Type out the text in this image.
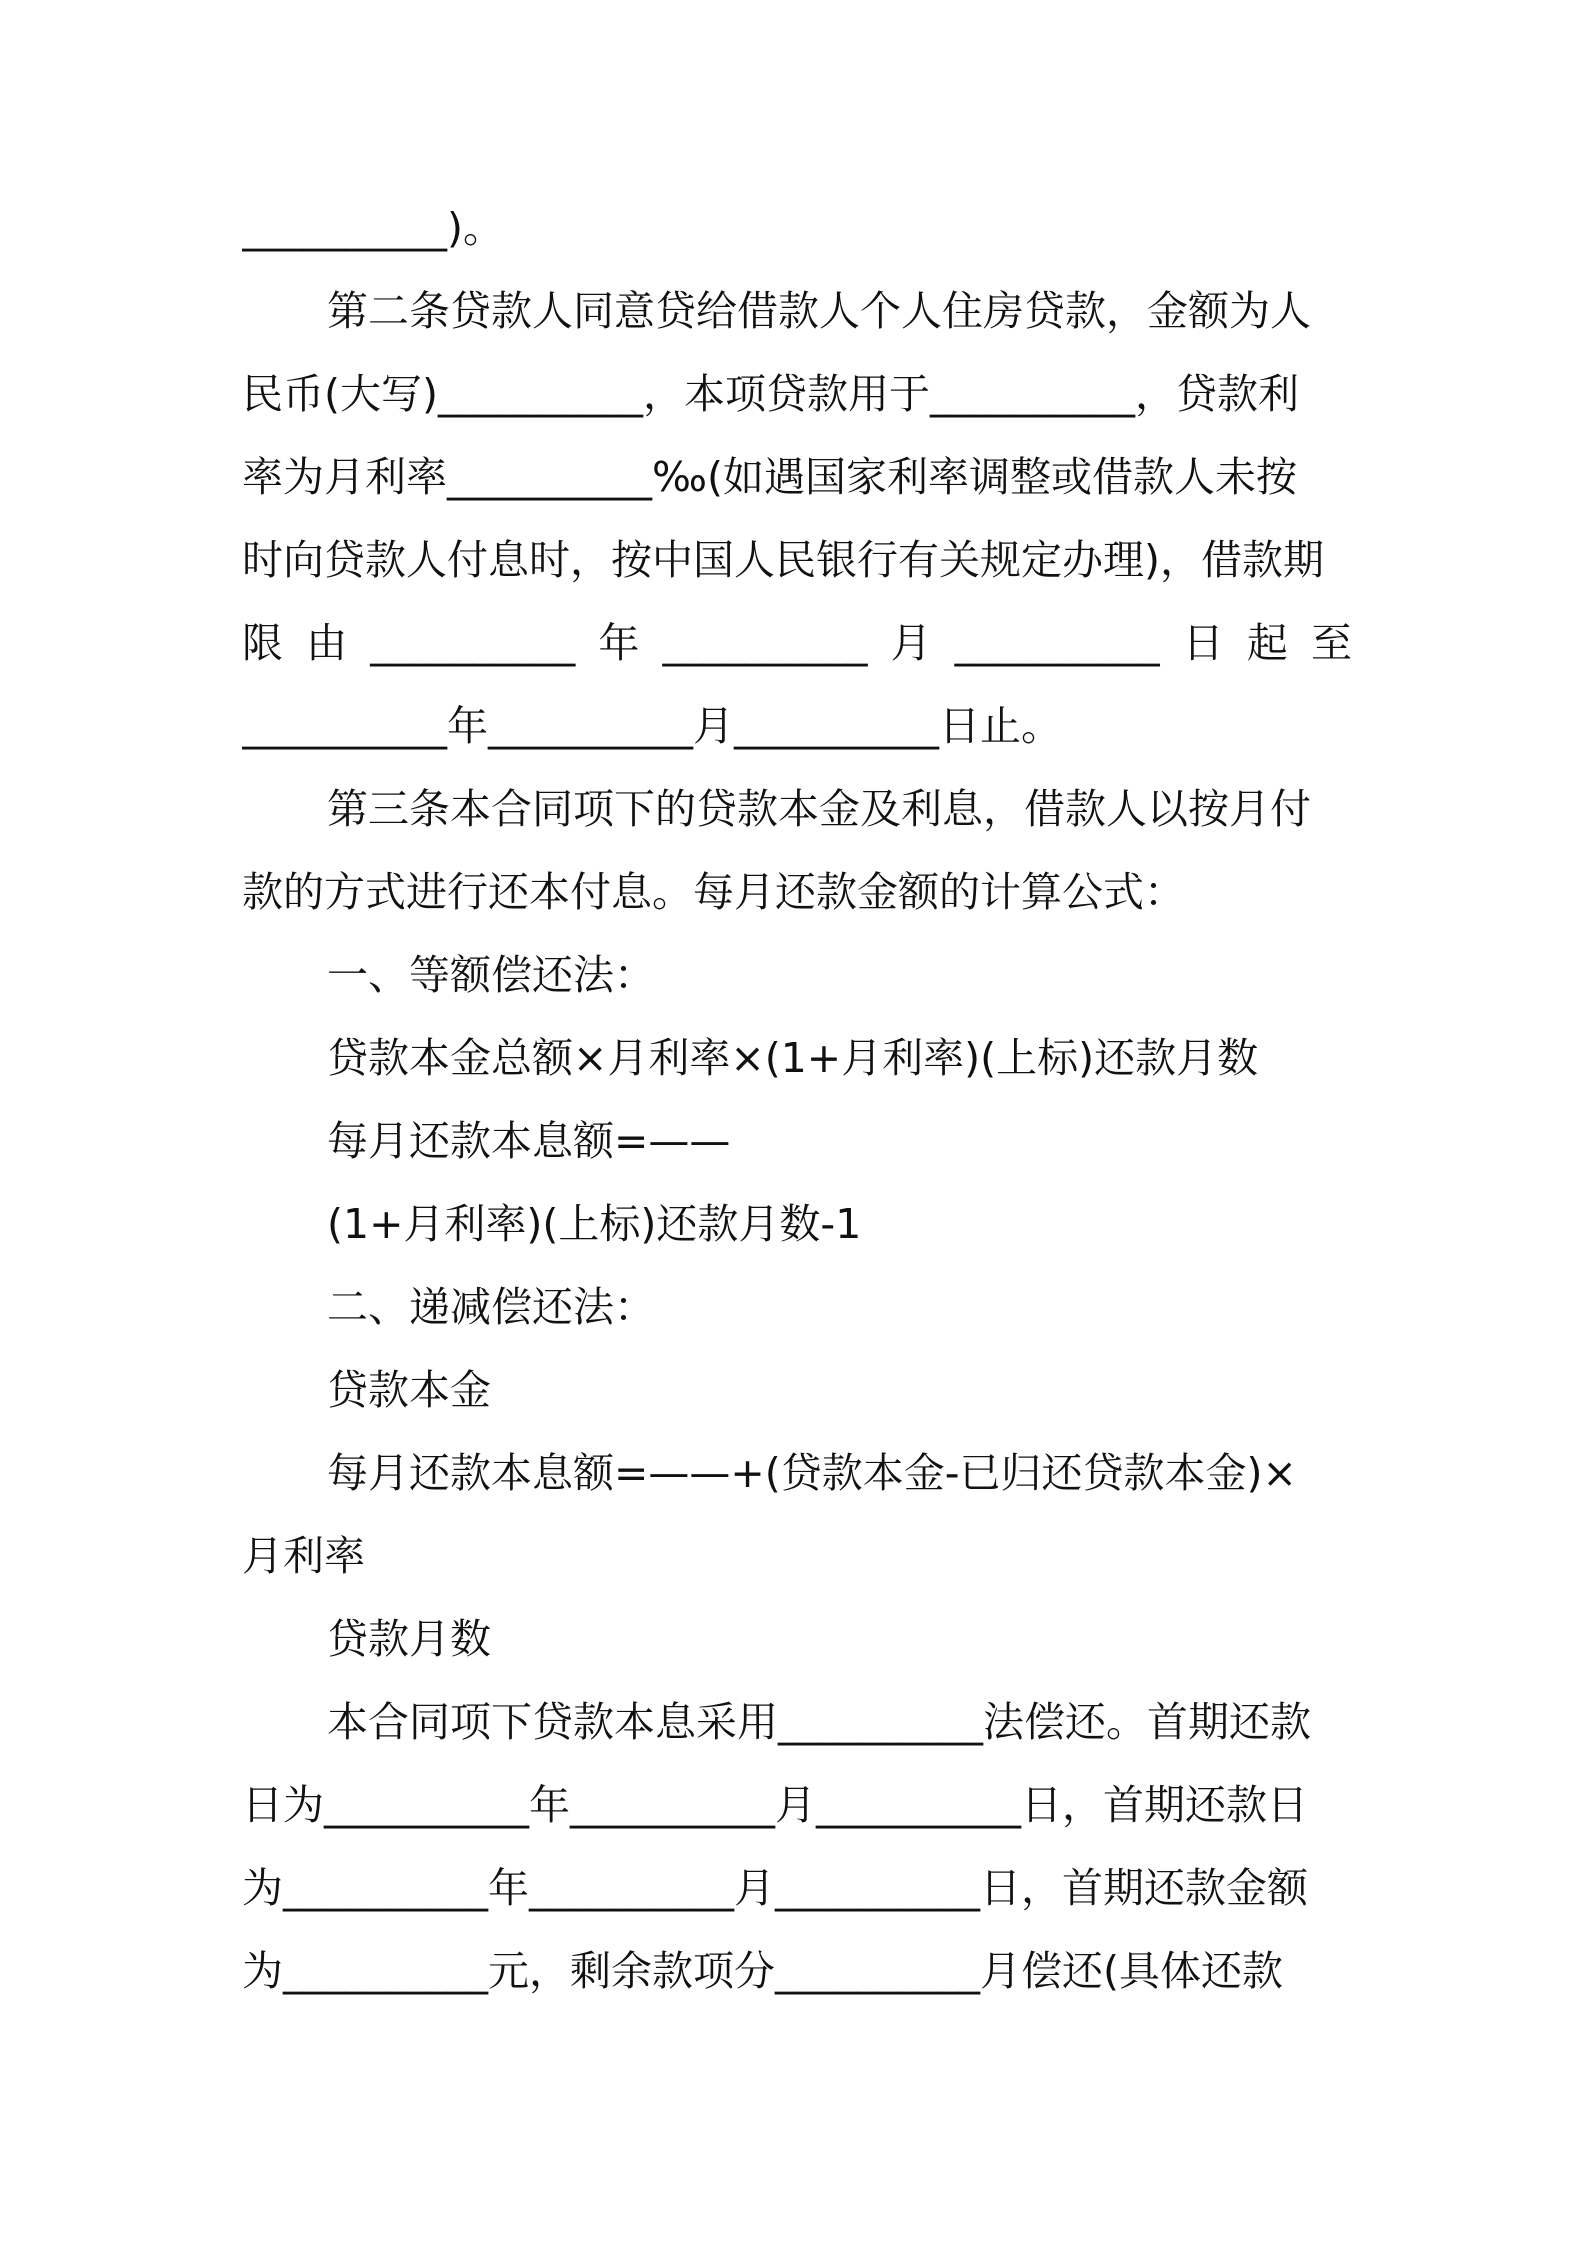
__________)。
第二条贷款人同意贷给借款人个人住房贷款，金额为人
民币(大写)__________，本项贷款用于__________，贷款利
率为月利率__________‰(如遇国家利率调整或借款人未按
时向贷款人付息时，按中国人民银行有关规定办理)，借款期
限 由 __________ 年 __________ 月 __________ 日 起 至
__________年__________月__________日止。
第三条本合同项下的贷款本金及利息，借款人以按月付
款的方式进行还本付息。每月还款金额的计算公式：
一、等额偿还法：
贷款本金总额×月利率×(1+月利率)(上标)还款月数
每月还款本息额=——
(1+月利率)(上标)还款月数-1
二、递减偿还法：
贷款本金
每月还款本息额=——+(贷款本金-已归还贷款本金)×
月利率
贷款月数
本合同项下贷款本息采用__________法偿还。首期还款
日为__________年__________月__________日，首期还款日
为__________年__________月__________日，首期还款金额
为__________元，剩余款项分__________月偿还(具体还款
